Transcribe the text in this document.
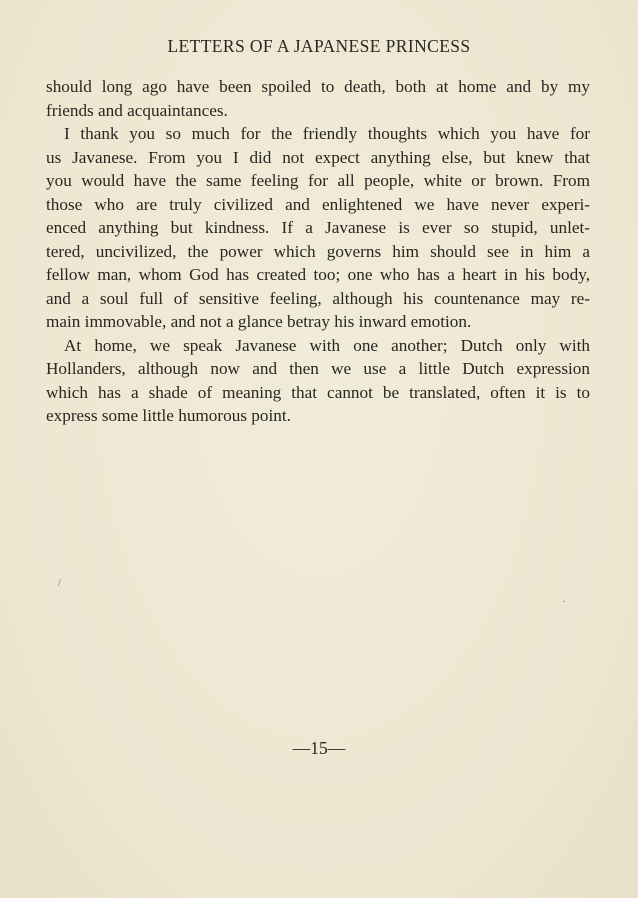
LETTERS OF A JAPANESE PRINCESS
should long ago have been spoiled to death, both at home and by my
friends and acquaintances.
I thank you so much for the friendly thoughts which you have for
us Javanese. From you I did not expect anything else, but knew that
you would have the same feeling for all people, white or brown. From
those who are truly civilized and enlightened we have never experi-
enced anything but kindness. If a Javanese is ever so stupid, unlet-
tered, uncivilized, the power which governs him should see in him a
fellow man, whom God has created too; one who has a heart in his body,
and a soul full of sensitive feeling, although his countenance may re-
main immovable, and not a glance betray his inward emotion.
At home, we speak Javanese with one another; Dutch only with
Hollanders, although now and then we use a little Dutch expression
which has a shade of meaning that cannot be translated, often it is to
express some little humorous point.
—15—
/
.
